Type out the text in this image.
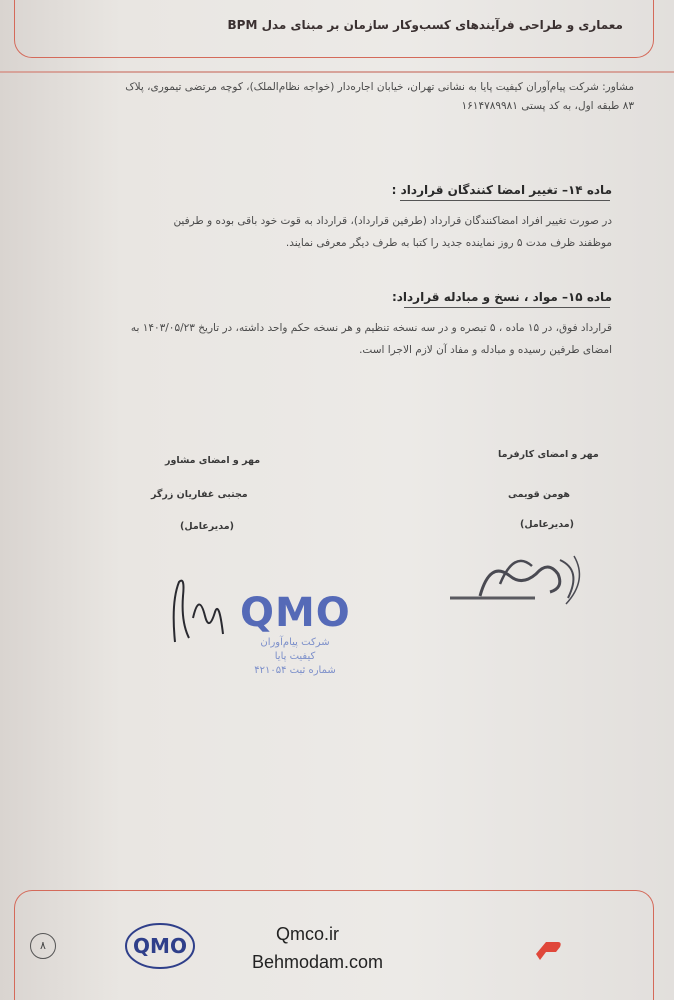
معماری و طراحی فرآیندهای کسب‌وکار سازمان بر مبنای مدل BPM
مشاور: شرکت پیام‌آوران کیفیت پایا به نشانی تهران، خیابان اجاره‌دار (خواجه نظام‌الملک)، کوچه مرتضی تیموری، پلاک
۸۳ طبقه اول، به کد پستی ۱۶۱۴۷۸۹۹۸۱
ماده ۱۴– تغییر امضا کنندگان قرارداد :
در صورت تغییر افراد امضاکنندگان قرارداد (طرفین قرارداد)، قرارداد به قوت خود باقی بوده و طرفین
موظفند ظرف مدت ۵ روز نماینده جدید را کتبا به طرف دیگر معرفی نمایند.
ماده ۱۵– مواد ، نسخ و مبادله قرارداد:
قرارداد فوق، در ۱۵ ماده ، ۵ تبصره و در سه نسخه تنظیم و هر نسخه حکم واحد داشته، در تاریخ ۱۴۰۳/۰۵/۲۳ به
امضای طرفین رسیده و مبادله و مفاد آن لازم الاجرا است.
مهر و امضای کارفرما
هومن قویمی
(مدیرعامل)
مهر و امضای مشاور
مجتبی غفاریان زرگر
(مدیرعامل)
QMO
شرکت پیام‌آوران
کیفیت پایا
شماره ثبت ۴۲۱۰۵۴
۸	QMO	Qmco.ir
Behmodam.com
